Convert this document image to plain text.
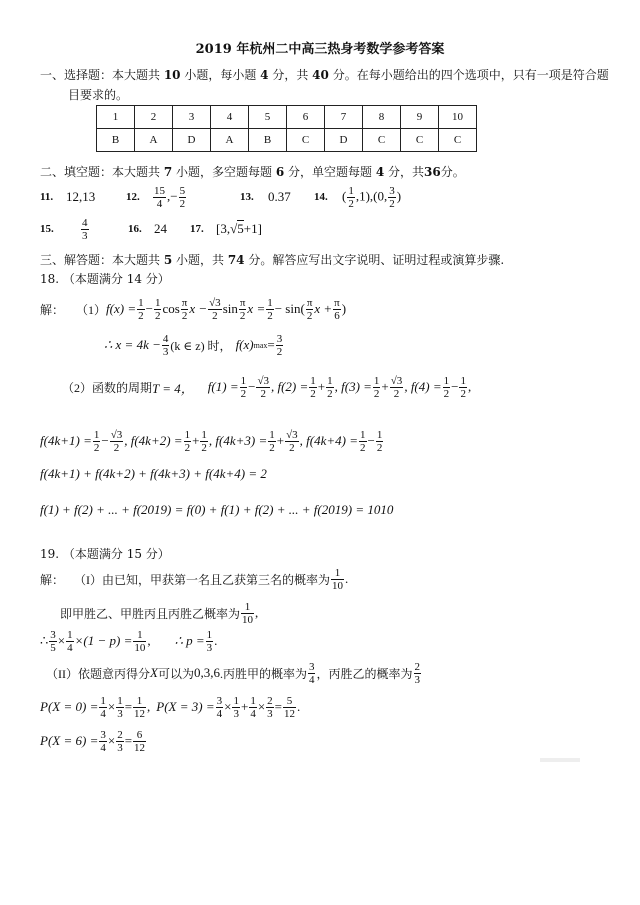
2019 年杭州二中高三热身考数学参考答案
一、选择题：本大题共 10 小题，每小题 4 分，共 40 分。在每小题给出的四个选项中，只有一项是符合题
目要求的。
1	2	3	4	5	6	7	8	9	10
B	A	D	A	B	C	D	C	C	C
二、填空题：本大题共 7 小题，多空题每题 6 分，单空题每题 4 分，共36分。
11. 12,13	12.	$\frac{15}{4}$ ,− $\frac{5}{2}$	13.	0.37	14.	( $\frac{1}{2} ,1),(0$, $\frac{3}{2}$ )
15.	$\frac{4}{3}$	16. 24	17. [3,√5+1]
三、解答题：本大题共 5 小题，共 74 分。解答应写出文字说明、证明过程或演算步骤.
18. （本题满分 14 分）
解： （1） $f(x) = \frac{1}{2} - \frac{1}{2}$ $\cos \frac{\pi}{2}$ $x - \frac{√3}{2}$ $\sin \frac{\pi}{2}$ $x = \frac{1}{2} - \sin( \frac{\pi}{2}$ $x + \frac{\pi}{6}$ )
∴ $x = 4k - \frac{4}{3} (k$ ∈ z) 时， f(x) $\max = \frac{3}{2}$
（2）函数的周期 T = 4， $f(1) = \frac{1}{2} - \frac{√3}{2}$ , $f(2) = \frac{1}{2} + \frac{1}{2}$ , $f(3) = \frac{1}{2} + \frac{√3}{2}$ , $f(4) = \frac{1}{2} - \frac{1}{2}$ ,
$f(4k+1) = \frac{1}{2} - \frac{√3}{2}$ , $f(4k+2) = \frac{1}{2} + \frac{1}{2}$ , $f(4k+3) = \frac{1}{2} + \frac{√3}{2}$ , $f(4k+4) = \frac{1}{2} - \frac{1}{2}$
f(4k+1) + f(4k+2) + f(4k+3) + f(4k+4) = 2
f(1) + f(2) + ... + f(2019) = f(0) + f(1) + f(2) + ... + f(2019) = 1010
19. （本题满分 15 分）
解： （I）由已知，甲获第一名且乙获第三名的概率为 $\frac{1}{10}$ .
即甲胜乙、甲胜丙且丙胜乙概率为 $\frac{1}{10}$ ,
∴ $\frac{3}{5} \times \frac{1}{4} \times(1 - p) = \frac{1}{10}$ , ∴ $p = \frac{1}{3}$ .
（II）依题意丙得分 X 可以为 0,3,6 .丙胜甲的概率为 $\frac{3}{4}$ ，丙胜乙的概率为 $\frac{2}{3}$
$P(X = 0) = \frac{1}{4} \times \frac{1}{3} = \frac{1}{12}$ , $P(X = 3) = \frac{3}{4} \times \frac{1}{3} + \frac{1}{4} \times \frac{2}{3} = \frac{5}{12}$ .
$P(X = 6) = \frac{3}{4} \times \frac{2}{3} = \frac{6}{12}$
